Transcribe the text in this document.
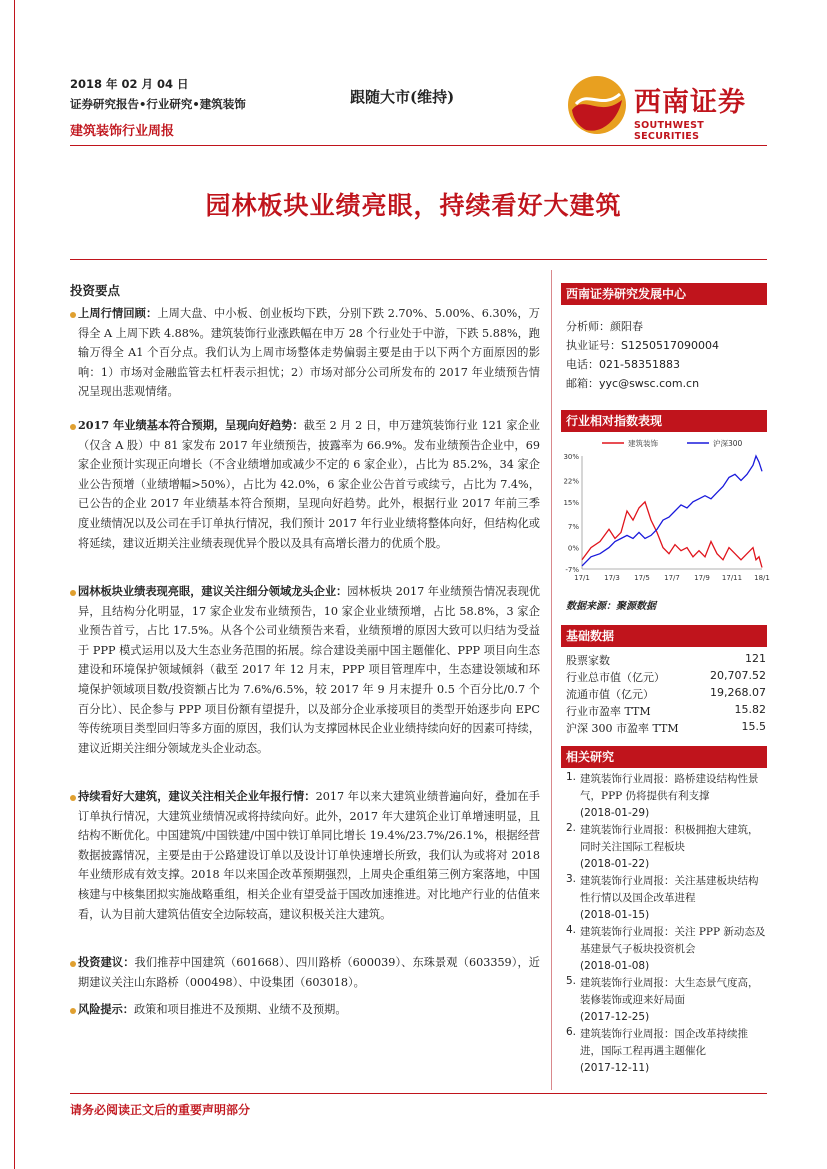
2018 年 02 月 04 日
证券研究报告•行业研究•建筑装饰
建筑装饰行业周报
跟随大市(维持)	西南证券
SOUTHWEST SECURITIES
园林板块业绩亮眼，持续看好大建筑
投资要点
上周行情回顾：上周大盘、中小板、创业板均下跌，分别下跌 2.70%、5.00%、6.30%，万得全 A 上周下跌 4.88%。建筑装饰行业涨跌幅在申万 28 个行业处于中游，下跌 5.88%，跑输万得全 A1 个百分点。我们认为上周市场整体走势偏弱主要是由于以下两个方面原因的影响：1）市场对金融监管去杠杆表示担忧；2）市场对部分公司所发布的 2017 年业绩预告情况呈现出悲观情绪。
2017 年业绩基本符合预期，呈现向好趋势：截至 2 月 2 日，申万建筑装饰行业 121 家企业（仅含 A 股）中 81 家发布 2017 年业绩预告，披露率为 66.9%。发布业绩预告企业中，69 家企业预计实现正向增长（不含业绩增加或减少不定的 6 家企业），占比为 85.2%，34 家企业公告预增（业绩增幅>50%），占比为 42.0%，6 家企业公告首亏或续亏，占比为 7.4%，已公告的企业 2017 年业绩基本符合预期，呈现向好趋势。此外，根据行业 2017 年前三季度业绩情况以及公司在手订单执行情况，我们预计 2017 年行业业绩将整体向好，但结构化或将延续，建议近期关注业绩表现优异个股以及具有高增长潜力的优质个股。
园林板块业绩表现亮眼，建议关注细分领域龙头企业：园林板块 2017 年业绩预告情况表现优异，且结构分化明显，17 家企业发布业绩预告，10 家企业业绩预增，占比 58.8%，3 家企业预告首亏，占比 17.5%。从各个公司业绩预告来看，业绩预增的原因大致可以归结为受益于 PPP 模式运用以及大生态业务范围的拓展。综合建设美丽中国主题催化、PPP 项目向生态建设和环境保护领域倾斜（截至 2017 年 12 月末，PPP 项目管理库中，生态建设领域和环境保护领域项目数/投资额占比为 7.6%/6.5%，较 2017 年 9 月末提升 0.5 个百分比/0.7 个百分比）、民企参与 PPP 项目份额有望提升，以及部分企业承接项目的类型开始逐步向 EPC 等传统项目类型回归等多方面的原因，我们认为支撑园林民企业业绩持续向好的因素可持续，建议近期关注细分领域龙头企业动态。
持续看好大建筑，建议关注相关企业年报行情：2017 年以来大建筑业绩普遍向好，叠加在手订单执行情况，大建筑业绩情况或将持续向好。此外，2017 年大建筑企业订单增速明显，且结构不断优化。中国建筑/中国铁建/中国中铁订单同比增长 19.4%/23.7%/26.1%，根据经营数据披露情况，主要是由于公路建设订单以及设计订单快速增长所致，我们认为或将对 2018 年业绩形成有效支撑。2018 年以来国企改革预期强烈，上周央企重组第三例方案落地，中国核建与中核集团拟实施战略重组，相关企业有望受益于国改加速推进。对比地产行业的估值来看，认为目前大建筑估值安全边际较高，建议积极关注大建筑。
投资建议：我们推荐中国建筑（601668）、四川路桥（600039）、东珠景观（603359），近期建议关注山东路桥（000498）、中设集团（603018）。
风险提示：政策和项目推进不及预期、业绩不及预期。
西南证券研究发展中心
分析师：颜阳春
执业证号：S1250517090004
电话：021-58351883
邮箱：yyc@swsc.com.cn
行业相对指数表现
30%
22%
15%
7%
0%
-7%
17/1 17/3 17/5 17/7 17/9 17/11 18/1
建筑装饰	沪深300
数据来源：聚源数据
基础数据
股票家数	121
行业总市值（亿元）	20,707.52
流通市值（亿元）	19,268.07
行业市盈率 TTM	15.82
沪深 300 市盈率 TTM	15.5
相关研究
1. 建筑装饰行业周报：路桥建设结构性景气，PPP 仍将提供有利支撑
(2018-01-29)
2. 建筑装饰行业周报：积极拥抱大建筑，同时关注国际工程板块
(2018-01-22)
3. 建筑装饰行业周报：关注基建板块结构性行情以及国企改革进程
(2018-01-15)
4. 建筑装饰行业周报：关注 PPP 新动态及基建景气子板块投资机会
(2018-01-08)
5. 建筑装饰行业周报：大生态景气度高，装修装饰或迎来好局面
(2017-12-25)
6. 建筑装饰行业周报：国企改革持续推进，国际工程再遇主题催化
(2017-12-11)
请务必阅读正文后的重要声明部分
